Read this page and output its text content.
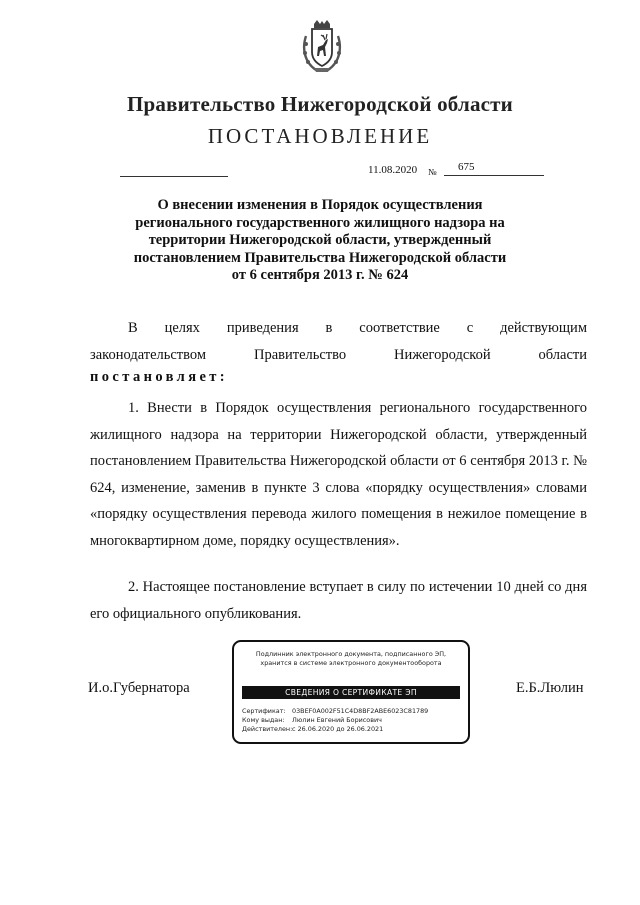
Правительство Нижегородской области
ПОСТАНОВЛЕНИЕ
11.08.2020 №	675
О внесении изменения в Порядок осуществления
регионального государственного жилищного надзора на
территории Нижегородской области, утвержденный
постановлением Правительства Нижегородской области
от 6 сентября 2013 г. № 624
В целях приведения в соответствие с действующим
законодательством Правительство Нижегородской области
постановляет:
1. Внести в Порядок осуществления регионального государственного жилищного надзора на территории Нижегородской области, утвержденный постановлением Правительства Нижегородской области от 6 сентября 2013 г. № 624, изменение, заменив в пункте 3 слова «порядку осуществления» словами «порядку осуществления перевода жилого помещения в нежилое помещение в многоквартирном доме, порядку осуществления».
2. Настоящее постановление вступает в силу по истечении 10 дней со дня его официального опубликования.
И.о.Губернатора	Е.Б.Люлин
Подлинник электронного документа, подписанного ЭП,
хранится в системе электронного документооборота
СВЕДЕНИЯ О СЕРТИФИКАТЕ ЭП
Сертификат: 03BEF0A002F51C4D8BF2ABE6023C81789
Кому выдан: Люлин Евгений Борисович
Действителен: с 26.06.2020 до 26.06.2021
